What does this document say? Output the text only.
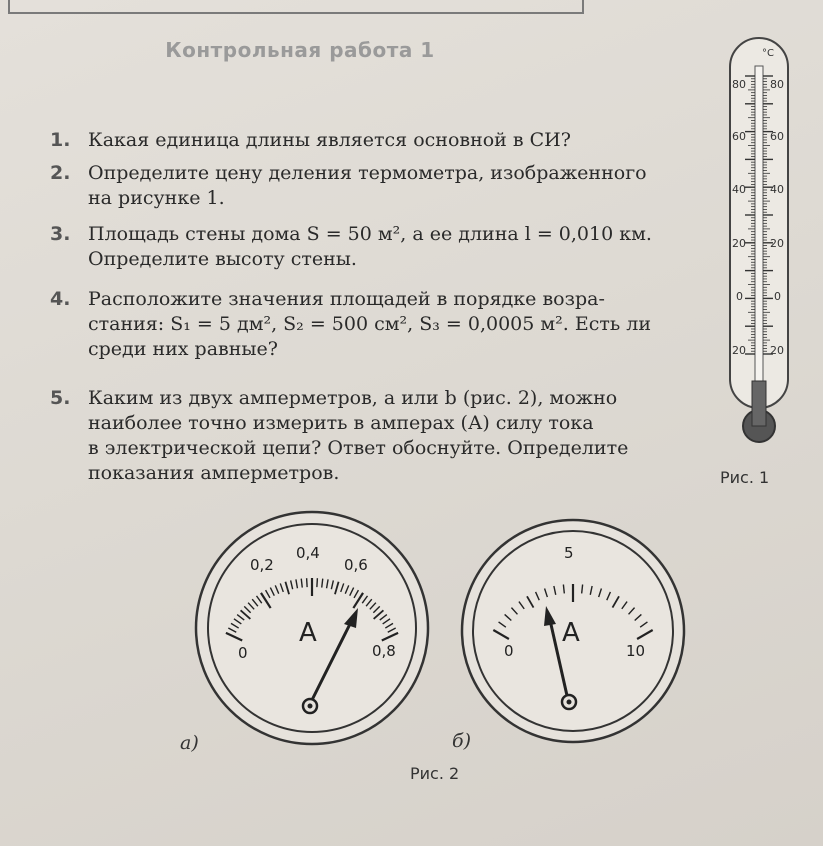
Контрольная работа 1
1. Какая единица длины является основной в СИ?
2. Определите цену деления термометра, изображенного
на рисунке 1.
3. Площадь стены дома S = 50 м², а ее длина l = 0,010 км.
Определите высоту стены.
4. Расположите значения площадей в порядке возра-
стания: S₁ = 5 дм², S₂ = 500 см², S₃ = 0,0005 м². Есть ли
среди них равные?
5. Каким из двух амперметров, a или b (рис. 2), можно
наиболее точно измерить в амперах (А) силу тока
в электрической цепи? Ответ обоснуйте. Определите
показания амперметров.
°C
80
60
40
20
0
20
80
60
40
20
0
20
Рис. 1
0
0,2
0,4
0,6
0,8
A
а)
0
5
10
A
б)
Рис. 2
